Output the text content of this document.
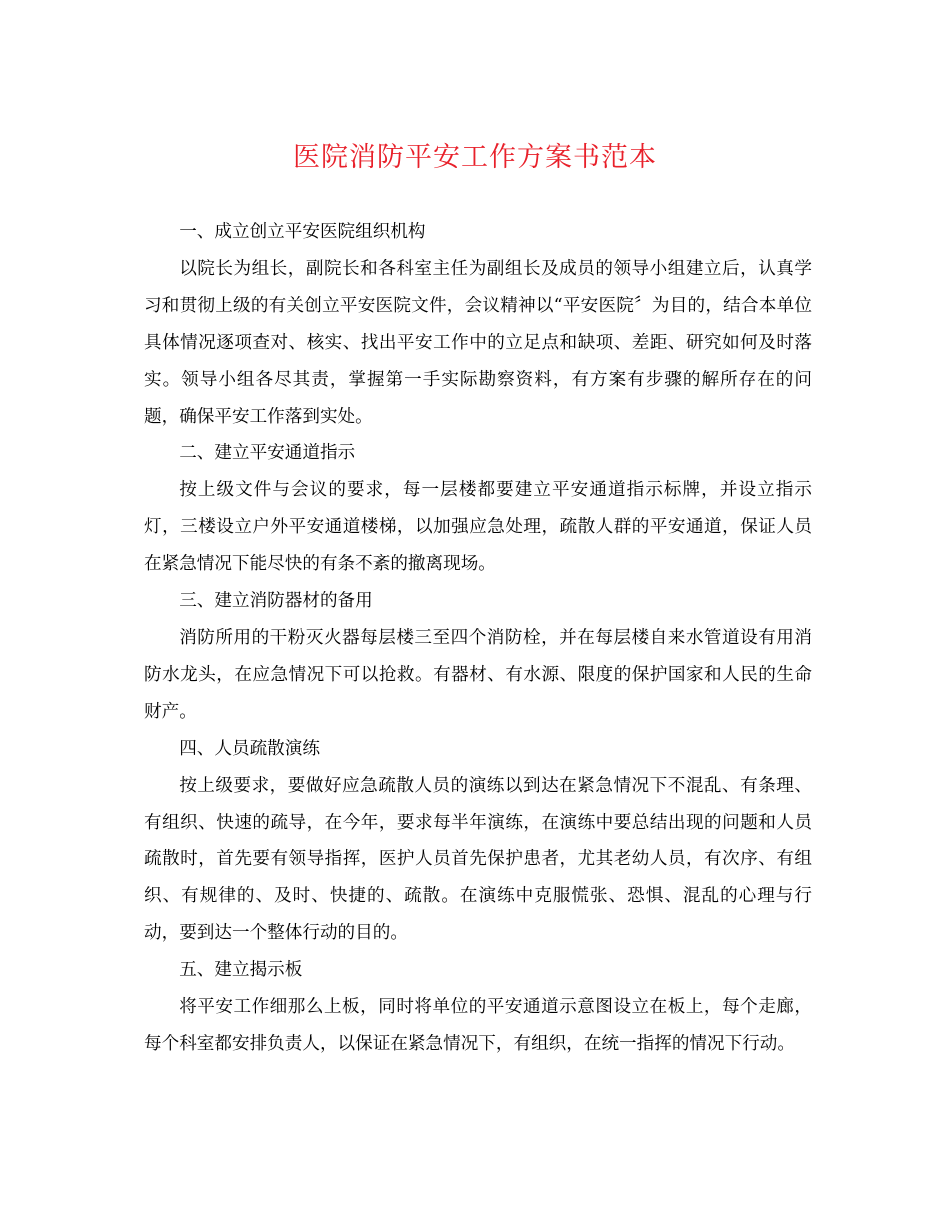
医院消防平安工作方案书范本

一、成立创立平安医院组织机构

以院长为组长，副院长和各科室主任为副组长及成员的领导小组建立后，认真学习和贯彻上级的有关创立平安医院文件，会议精神以“平安医院〞为目的，结合本单位具体情况逐项查对、核实、找出平安工作中的立足点和缺项、差距、研究如何及时落实。领导小组各尽其责，掌握第一手实际勘察资料，有方案有步骤的解所存在的问题，确保平安工作落到实处。

二、建立平安通道指示

按上级文件与会议的要求，每一层楼都要建立平安通道指示标牌，并设立指示灯，三楼设立户外平安通道楼梯，以加强应急处理，疏散人群的平安通道，保证人员在紧急情况下能尽快的有条不紊的撤离现场。

三、建立消防器材的备用

消防所用的干粉灭火器每层楼三至四个消防栓，并在每层楼自来水管道设有用消防水龙头，在应急情况下可以抢救。有器材、有水源、限度的保护国家和人民的生命财产。

四、人员疏散演练

按上级要求，要做好应急疏散人员的演练以到达在紧急情况下不混乱、有条理、有组织、快速的疏导，在今年，要求每半年演练，在演练中要总结出现的问题和人员疏散时，首先要有领导指挥，医护人员首先保护患者，尤其老幼人员，有次序、有组织、有规律的、及时、快捷的、疏散。在演练中克服慌张、恐惧、混乱的心理与行动，要到达一个整体行动的目的。

五、建立揭示板

将平安工作细那么上板，同时将单位的平安通道示意图设立在板上，每个走廊，每个科室都安排负责人，以保证在紧急情况下，有组织，在统一指挥的情况下行动。
